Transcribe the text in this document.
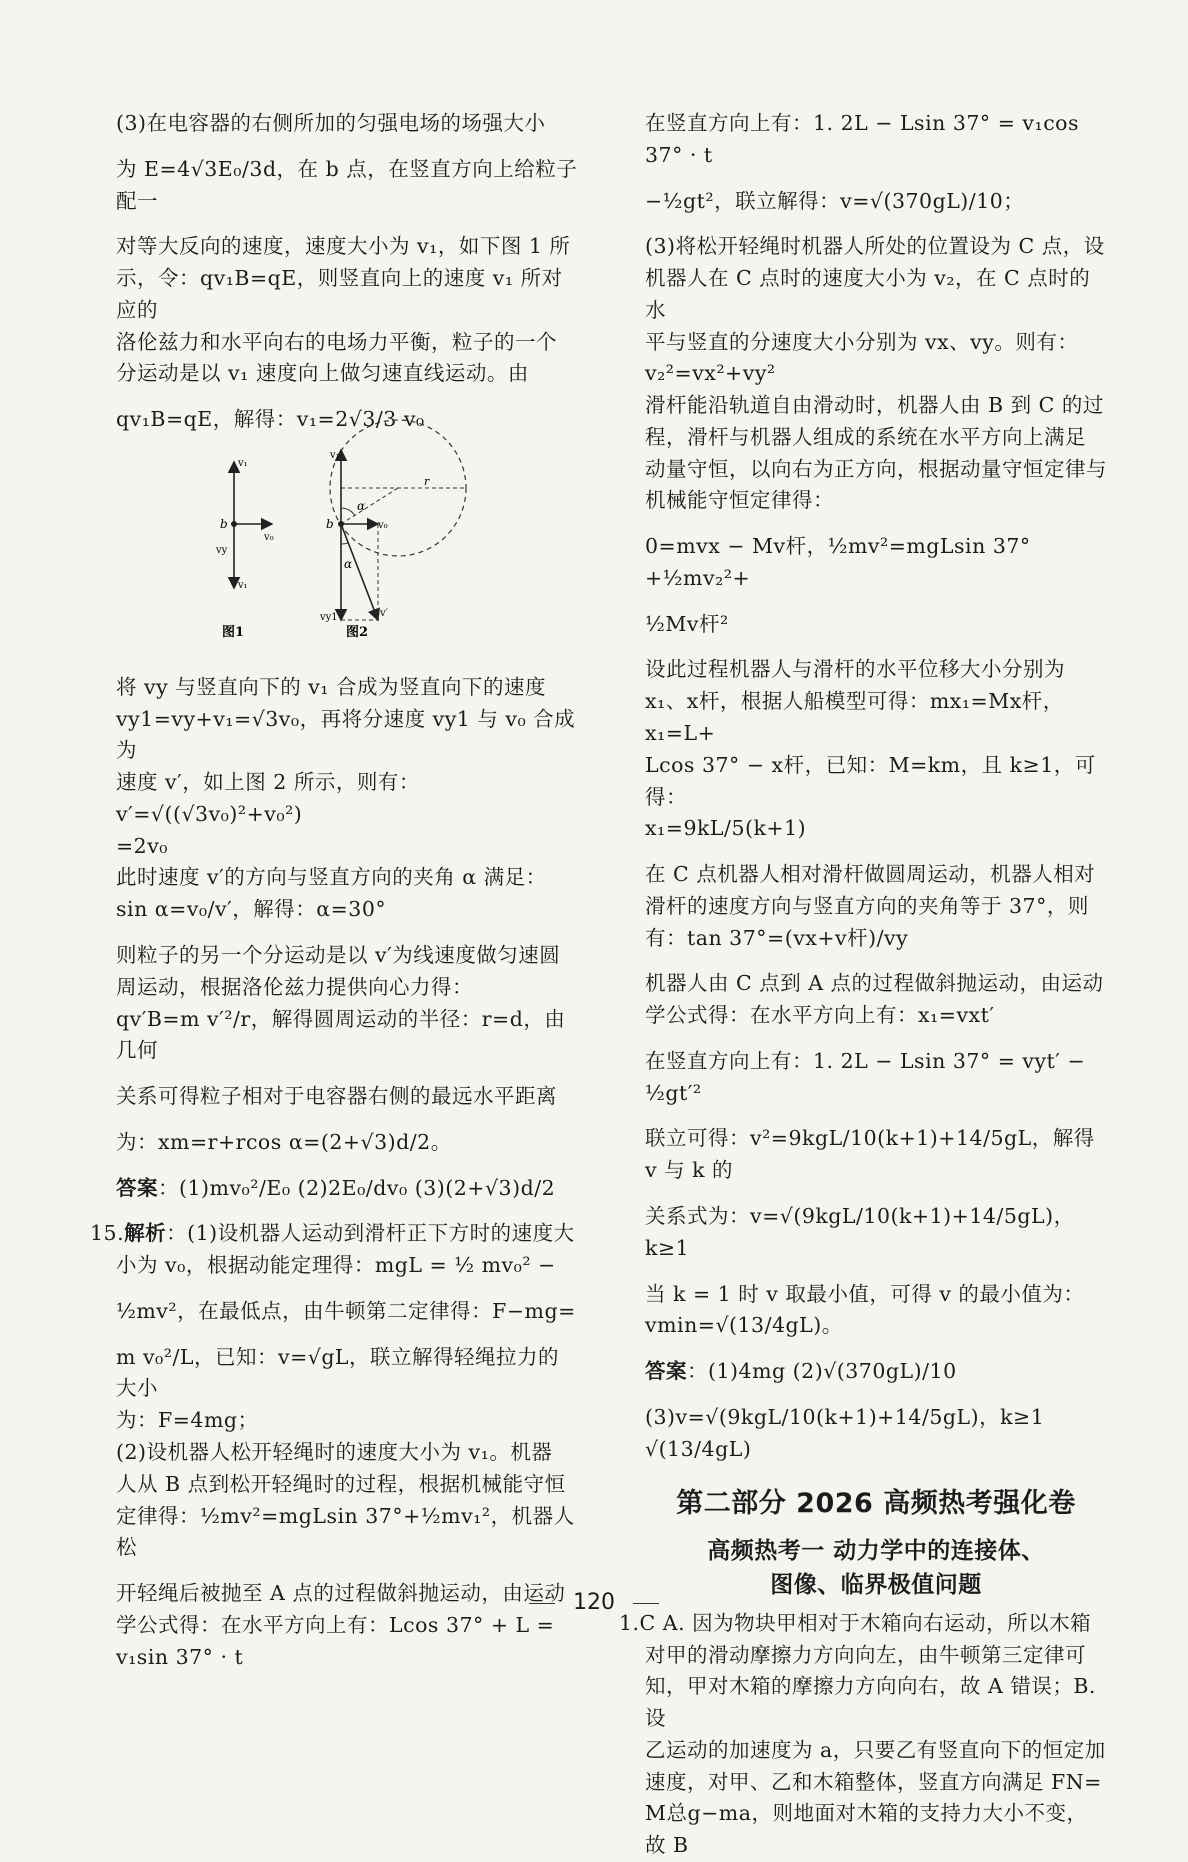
(3)在电容器的右侧所加的匀强电场的场强大小

为 E=4√3E₀/3d，在 b 点，在竖直方向上给粒子配一

对等大反向的速度，速度大小为 v₁，如下图 1 所

示，令：qv₁B=qE，则竖直向上的速度 v₁ 所对应的

洛伦兹力和水平向右的电场力平衡，粒子的一个

分运动是以 v₁ 速度向上做匀速直线运动。由

qv₁B=qE，解得：v₁=2√3/3 v₀

v₁
b
v₀
vy
v₁
图1
v₁
α
r
b	v₀
α
vy1	v′
图2

将 vy 与竖直向下的 v₁ 合成为竖直向下的速度

vy1=vy+v₁=√3v₀，再将分速度 vy1 与 v₀ 合成为

速度 v′，如上图 2 所示，则有：v′=√((√3v₀)²+v₀²)

=2v₀

此时速度 v′的方向与竖直方向的夹角 α 满足：

sin α=v₀/v′，解得：α=30°

则粒子的另一个分运动是以 v′为线速度做匀速圆

周运动，根据洛伦兹力提供向心力得：

qv′B=m v′²/r，解得圆周运动的半径：r=d，由几何

关系可得粒子相对于电容器右侧的最远水平距离

为：xm=r+rcos α=(2+√3)d/2。

答案：(1)mv₀²/E₀ (2)2E₀/dv₀ (3)(2+√3)d/2

15.解析：(1)设机器人运动到滑杆正下方时的速度大

小为 v₀，根据动能定理得：mgL = ½ mv₀² −

½mv²，在最低点，由牛顿第二定律得：F−mg=

m v₀²/L，已知：v=√gL，联立解得轻绳拉力的大小

为：F=4mg；

(2)设机器人松开轻绳时的速度大小为 v₁。机器

人从 B 点到松开轻绳时的过程，根据机械能守恒

定律得：½mv²=mgLsin 37°+½mv₁²，机器人松

开轻绳后被抛至 A 点的过程做斜抛运动，由运动

学公式得：在水平方向上有：Lcos 37° + L =

v₁sin 37° · t

在竖直方向上有：1. 2L − Lsin 37° = v₁cos 37° · t

−½gt²，联立解得：v=√(370gL)/10；

(3)将松开轻绳时机器人所处的位置设为 C 点，设

机器人在 C 点时的速度大小为 v₂，在 C 点时的水

平与竖直的分速度大小分别为 vx、vy。则有：

v₂²=vx²+vy²

滑杆能沿轨道自由滑动时，机器人由 B 到 C 的过

程，滑杆与机器人组成的系统在水平方向上满足

动量守恒，以向右为正方向，根据动量守恒定律与

机械能守恒定律得：

0=mvx − Mv杆，½mv²=mgLsin 37°+½mv₂²+

½Mv杆²

设此过程机器人与滑杆的水平位移大小分别为

x₁、x杆，根据人船模型可得：mx₁=Mx杆，x₁=L+

Lcos 37° − x杆，已知：M=km，且 k≥1，可得：

x₁=9kL/5(k+1)

在 C 点机器人相对滑杆做圆周运动，机器人相对

滑杆的速度方向与竖直方向的夹角等于 37°，则

有：tan 37°=(vx+v杆)/vy

机器人由 C 点到 A 点的过程做斜抛运动，由运动

学公式得：在水平方向上有：x₁=vxt′

在竖直方向上有：1. 2L − Lsin 37° = vyt′ − ½gt′²

联立可得：v²=9kgL/10(k+1)+14/5gL，解得 v 与 k 的

关系式为：v=√(9kgL/10(k+1)+14/5gL)，k≥1

当 k = 1 时 v 取最小值，可得 v 的最小值为：

vmin=√(13/4gL)。

答案：(1)4mg (2)√(370gL)/10

(3)v=√(9kgL/10(k+1)+14/5gL)，k≥1 √(13/4gL)

第二部分 2026 高频热考强化卷

高频热考一 动力学中的连接体、

图像、临界极值问题

1.C A. 因为物块甲相对于木箱向右运动，所以木箱

对甲的滑动摩擦力方向向左，由牛顿第三定律可

知，甲对木箱的摩擦力方向向右，故 A 错误；B. 设

乙运动的加速度为 a，只要乙有竖直向下的恒定加

速度，对甲、乙和木箱整体，竖直方向满足 FN=

M总g−ma，则地面对木箱的支持力大小不变，故 B

120
